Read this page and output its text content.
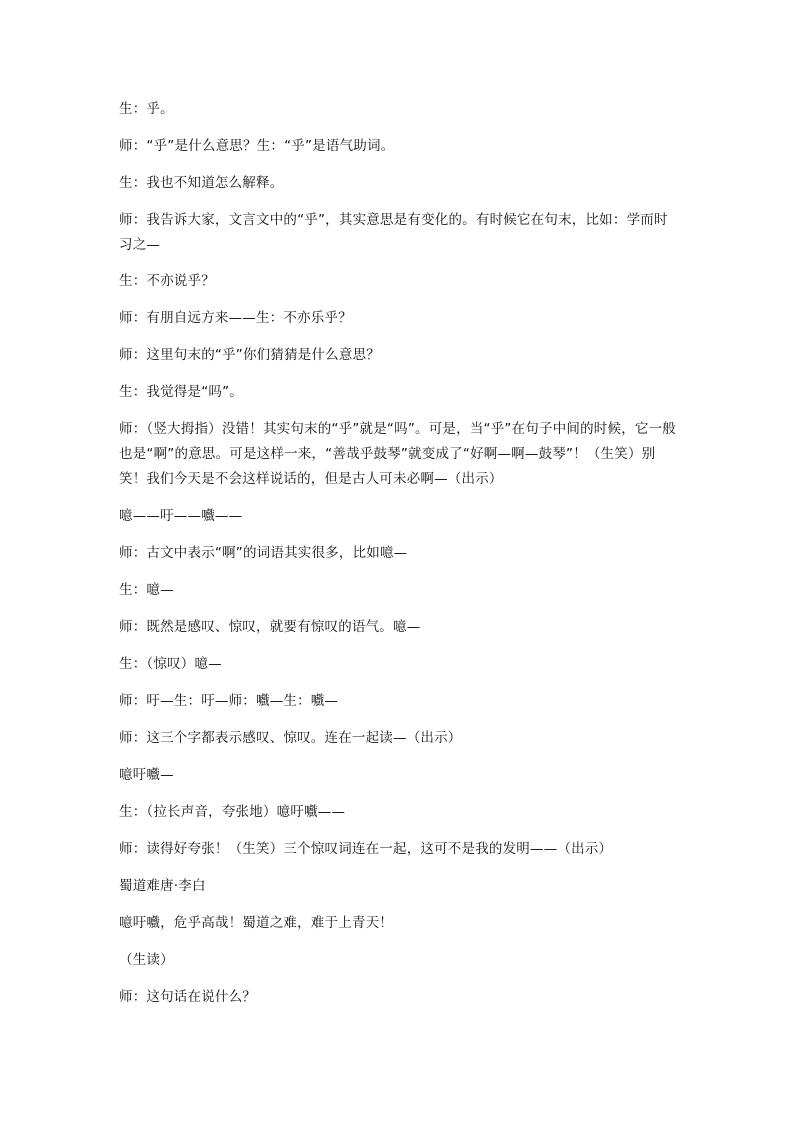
生：乎。

师：“乎”是什么意思？生：“乎”是语气助词。

生：我也不知道怎么解释。

师：我告诉大家，文言文中的“乎”，其实意思是有变化的。有时候它在句末，比如：学而时习之—

生：不亦说乎？

师：有朋自远方来——生：不亦乐乎？

师：这里句末的“乎”你们猜猜是什么意思？

生：我觉得是“吗”。

师：（竖大拇指）没错！其实句末的“乎”就是“吗”。可是，当“乎”在句子中间的时候，它一般也是“啊”的意思。可是这样一来，“善哉乎鼓琴”就变成了“好啊—啊—鼓琴”！（生笑）别笑！我们今天是不会这样说话的，但是古人可未必啊—（出示）

噫——吁——嚱——

师：古文中表示“啊”的词语其实很多，比如噫—

生：噫—

师：既然是感叹、惊叹，就要有惊叹的语气。噫—

生：（惊叹）噫—

师：吁—生：吁—师：嚱—生：嚱—

师：这三个字都表示感叹、惊叹。连在一起读—（出示）

噫吁嚱—

生：（拉长声音，夸张地）噫吁嚱——

师：读得好夸张！（生笑）三个惊叹词连在一起，这可不是我的发明——（出示）

蜀道难唐·李白

噫吁嚱，危乎高哉！蜀道之难，难于上青天！

（生读）

师：这句话在说什么？
